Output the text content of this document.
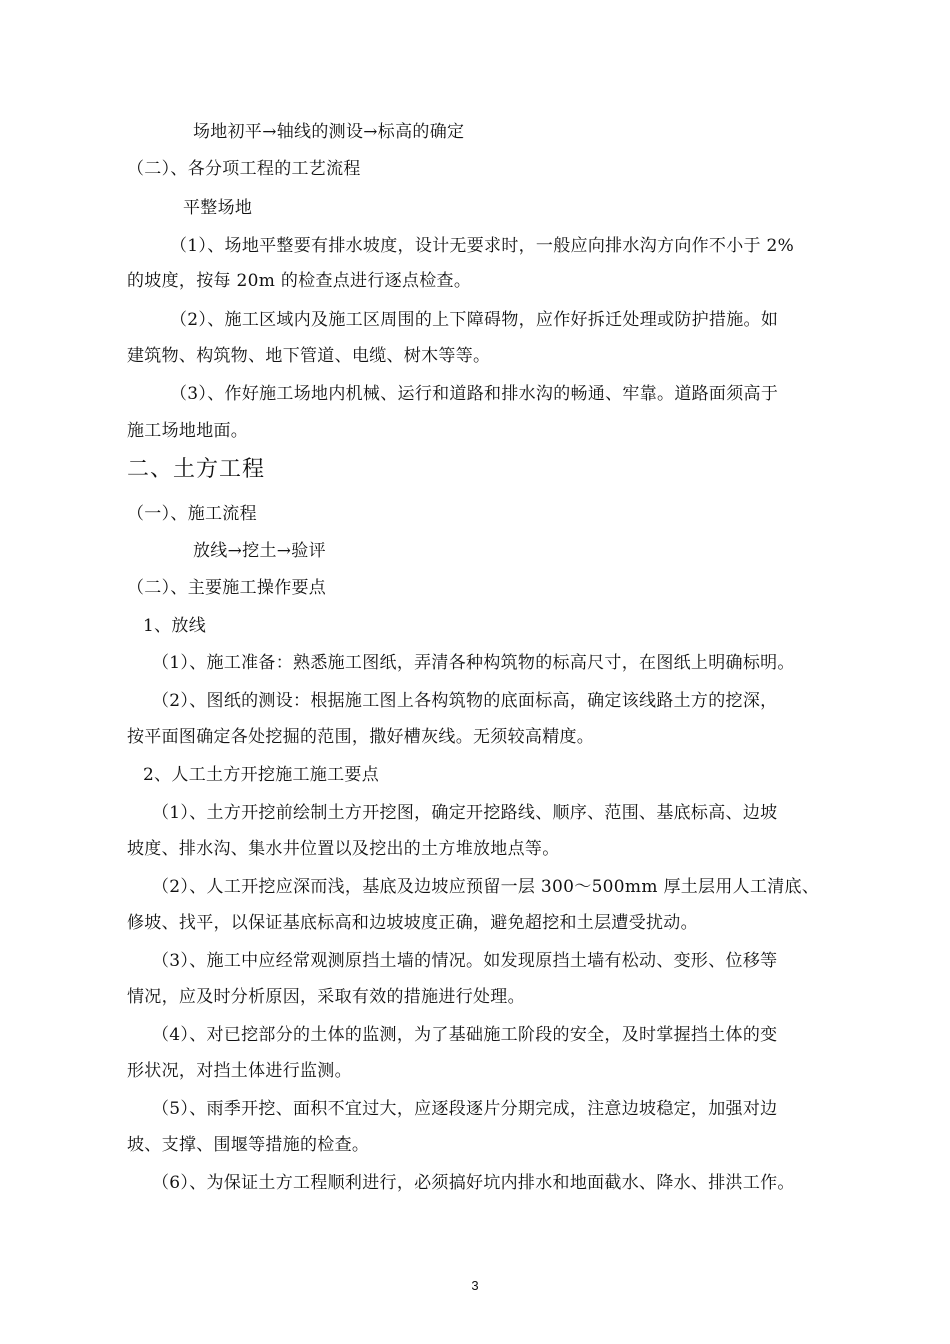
场地初平→轴线的测设→标高的确定
（二）、各分项工程的工艺流程
平整场地
（1）、场地平整要有排水坡度，设计无要求时，一般应向排水沟方向作不小于 2%
的坡度，按每 20m 的检查点进行逐点检查。
（2）、施工区域内及施工区周围的上下障碍物，应作好拆迁处理或防护措施。如
建筑物、构筑物、地下管道、电缆、树木等等。
（3）、作好施工场地内机械、运行和道路和排水沟的畅通、牢靠。道路面须高于
施工场地地面。
二、土方工程
（一）、施工流程
放线→挖土→验评
（二）、主要施工操作要点
1、放线
（1）、施工准备：熟悉施工图纸，弄清各种构筑物的标高尺寸，在图纸上明确标明。
（2）、图纸的测设：根据施工图上各构筑物的底面标高，确定该线路土方的挖深，
按平面图确定各处挖掘的范围，撒好槽灰线。无须较高精度。
2、人工土方开挖施工施工要点
（1）、土方开挖前绘制土方开挖图，确定开挖路线、顺序、范围、基底标高、边坡
坡度、排水沟、集水井位置以及挖出的土方堆放地点等。
（2）、人工开挖应深而浅，基底及边坡应预留一层 300～500mm 厚土层用人工清底、
修坡、找平，以保证基底标高和边坡坡度正确，避免超挖和土层遭受扰动。
（3）、施工中应经常观测原挡土墙的情况。如发现原挡土墙有松动、变形、位移等
情况，应及时分析原因，采取有效的措施进行处理。
（4）、对已挖部分的土体的监测，为了基础施工阶段的安全，及时掌握挡土体的变
形状况，对挡土体进行监测。
（5）、雨季开挖、面积不宜过大，应逐段逐片分期完成，注意边坡稳定，加强对边
坡、支撑、围堰等措施的检查。
（6）、为保证土方工程顺利进行，必须搞好坑内排水和地面截水、降水、排洪工作。
3
